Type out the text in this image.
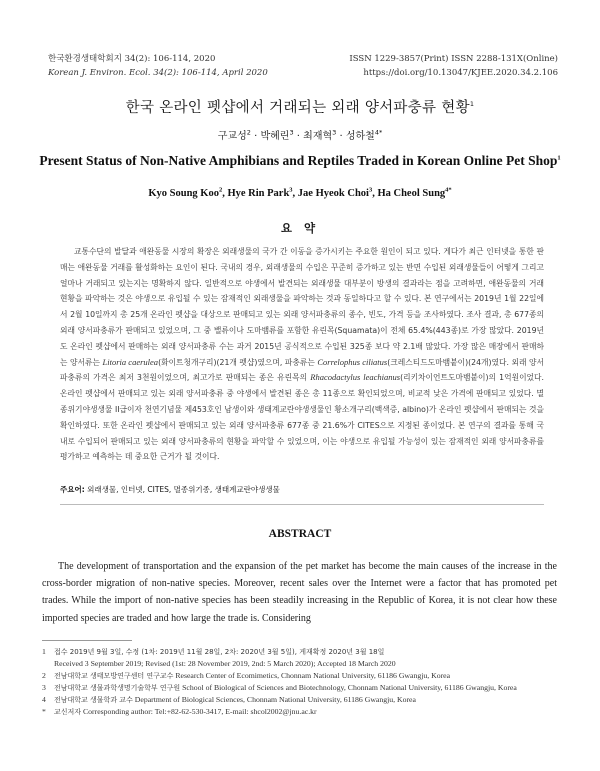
한국환경생태학회지 34(2): 106-114, 2020
Korean J. Environ. Ecol. 34(2): 106-114, April 2020
ISSN 1229-3857(Print) ISSN 2288-131X(Online)
https://doi.org/10.13047/KJEE.2020.34.2.106
한국 온라인 펫샵에서 거래되는 외래 양서파충류 현황$^1$
구교성$^2$ · 박혜린$^3$ · 최재혁$^3$ · 성하철$^{4*}$
Present Status of Non-Native Amphibians and Reptiles Traded in Korean Online Pet Shop$^1$
Kyo Soung Koo$^2$, Hye Rin Park$^3$, Jae Hyeok Choi$^3$, Ha Cheol Sung$^{4*}$
요 약

교통수단의 발달과 애완동물 시장의 확장은 외래생물의 국가 간 이동을 증가시키는 주요한 원인이 되고 있다. 게다가 최근 인터넷을 통한 판매는 애완동물 거래를 활성화하는 요인이 된다. 국내의 경우, 외래생물의 수입은 꾸준히 증가하고 있는 반면 수입된 외래생물들이 어떻게 그리고 얼마나 거래되고 있는지는 명확하지 않다. 일반적으로 야생에서 발견되는 외래생물 대부분이 방생의 결과라는 점을 고려하면, 애완동물의 거래 현황을 파악하는 것은 야생으로 유입될 수 있는 잠재적인 외래생물을 파악하는 것과 동일하다고 할 수 있다. 본 연구에서는 2019년 1월 22일에서 2월 10일까지 총 25개 온라인 펫샵을 대상으로 판매되고 있는 외래 양서파충류의 종수, 빈도, 가격 등을 조사하였다. 조사 결과, 총 677종의 외래 양서파충류가 판매되고 있었으며, 그 중 밸류이나 도마뱀류를 포함한 유린목(Squamata)이 전체 65.4%(443종)로 가장 많았다. 2019년도 온라인 펫샵에서 판매하는 외래 양서파충류 수는 과거 2015년 공식적으로 수입된 325종 보다 약 2.1배 많았다. 가장 많은 매장에서 판매하는 양서류는 Litoria caerulea(화이트청개구리)(21개 펫샵)였으며, 파충류는 Correlophus ciliatus(크레스티드도마뱀붙이)(24개)였다. 외래 양서파충류의 가격은 최저 3천원이었으며, 최고가로 판매되는 종은 유린목의 Rhacodactylus leachianus(리키차이언트도마뱀붙이)의 1억원이었다. 온라인 펫샵에서 판매되고 있는 외래 양서파충류 중 야생에서 발견된 종은 총 11종으로 확인되었으며, 비교적 낮은 가격에 판매되고 있었다. 멸종위기야생생물 II급이자 천연기념물 제453호인 남생이와 생태계교란야생생물인 황소개구리(백색증, albino)가 온라인 펫샵에서 판매되는 것을 확인하였다. 또한 온라인 펫샵에서 판매되고 있는 외래 양서파충류 677종 중 21.6%가 CITES으로 지정된 종이었다. 본 연구의 결과를 통해 국내로 수입되어 판매되고 있는 외래 양서파충류의 현황을 파악할 수 있었으며, 이는 야생으로 유입될 가능성이 있는 잠재적인 외래 양서파충류를 평가하고 예측하는 데 중요한 근거가 될 것이다.

주요어: 외래생물, 인터넷, CITES, 멸종위기종, 생태계교란야생생물
ABSTRACT

The development of transportation and the expansion of the pet market has become the main causes of the increase in the cross-border migration of non-native species. Moreover, recent sales over the Internet were a factor that has promoted pet trades. While the import of non-native species has been steadily increasing in the Republic of Korea, it is not clear how these imported species are traded and how large the trade is. Considering

1 접수 2019년 9월 3일, 수정 (1차: 2019년 11월 28일, 2차: 2020년 3월 5일), 게재확정 2020년 3월 18일
Received 3 September 2019; Revised (1st: 28 November 2019, 2nd: 5 March 2020); Accepted 18 March 2020
2 전남대학교 생태모방연구센터 연구교수 Research Center of Ecomimetics, Chonnam National University, 61186 Gwangju, Korea
3 전남대학교 생물과학생명기술학부 연구원 School of Biological of Sciences and Biotechnology, Chonnam National University, 61186 Gwangju, Korea
4 전남대학교 생물학과 교수 Department of Biological Sciences, Chonnam National University, 61186 Gwangju, Korea
* 교신저자 Corresponding author: Tel:+82-62-530-3417, E-mail: shcol2002@jnu.ac.kr
